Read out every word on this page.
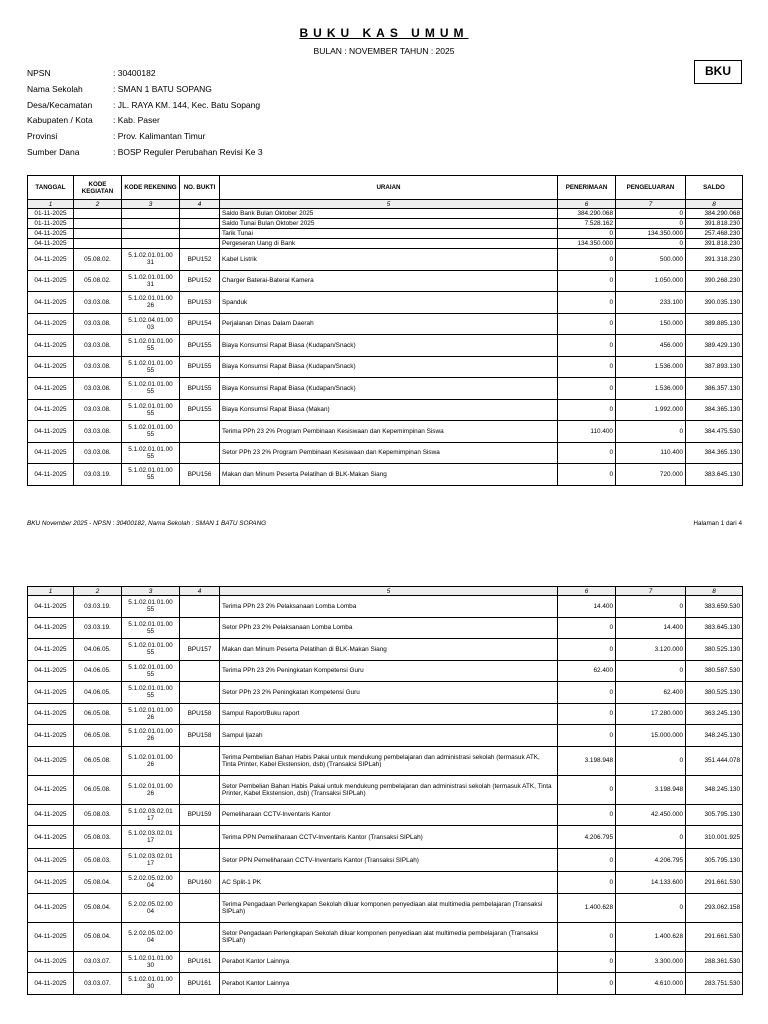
BUKU KAS UMUM
BULAN : NOVEMBER TAHUN : 2025
BKU
NPSN	: 30400182
Nama Sekolah	: SMAN 1 BATU SOPANG
Desa/Kecamatan	: JL. RAYA KM. 144, Kec. Batu Sopang
Kabupaten / Kota	: Kab. Paser
Provinsi	: Prov. Kalimantan Timur
Sumber Dana	: BOSP Reguler Perubahan Revisi Ke 3
TANGGAL	KODE KEGIATAN	KODE REKENING	NO. BUKTI	URAIAN	PENERIMAAN	PENGELUARAN	SALDO
1	2	3	4	5	6	7	8
01-11-2025				Saldo Bank Bulan Oktober 2025	384.290.068	0	384.290.068
01-11-2025				Saldo Tunai Bulan Oktober 2025	7.528.162	0	391.818.230
04-11-2025				Tarik Tunai	0	134.350.000	257.468.230
04-11-2025				Pergeseran Uang di Bank	134.350.000	0	391.818.230
04-11-2025	05.08.02.	5.1.02.01.01.00 31	BPU152	Kabel Listrik	0	500.000	391.318.230
04-11-2025	05.08.02.	5.1.02.01.01.00 31	BPU152	Charger Baterai-Baterai Kamera	0	1.050.000	390.268.230
04-11-2025	03.03.08.	5.1.02.01.01.00 26	BPU153	Spanduk	0	233.100	390.035.130
04-11-2025	03.03.08.	5.1.02.04.01.00 03	BPU154	Perjalanan Dinas Dalam Daerah	0	150.000	389.885.130
04-11-2025	03.03.08.	5.1.02.01.01.00 55	BPU155	Biaya Konsumsi Rapat Biasa (Kudapan/Snack)	0	456.000	389.429.130
04-11-2025	03.03.08.	5.1.02.01.01.00 55	BPU155	Biaya Konsumsi Rapat Biasa (Kudapan/Snack)	0	1.536.000	387.893.130
04-11-2025	03.03.08.	5.1.02.01.01.00 55	BPU155	Biaya Konsumsi Rapat Biasa (Kudapan/Snack)	0	1.536.000	386.357.130
04-11-2025	03.03.08.	5.1.02.01.01.00 55	BPU155	Biaya Konsumsi Rapat Biasa (Makan)	0	1.992.000	384.365.130
04-11-2025	03.03.08.	5.1.02.01.01.00 55		Terima PPh 23 2% Program Pembinaan Kesiswaan dan Kepemimpinan Siswa	110.400	0	384.475.530
04-11-2025	03.03.08.	5.1.02.01.01.00 55		Setor PPh 23 2% Program Pembinaan Kesiswaan dan Kepemimpinan Siswa	0	110.400	384.365.130
04-11-2025	03.03.19.	5.1.02.01.01.00 55	BPU156	Makan dan Minum Peserta Pelatihan di BLK-Makan Siang	0	720.000	383.645.130
BKU November 2025 - NPSN : 30400182, Nama Sekolah : SMAN 1 BATU SOPANG	Halaman 1 dari 4
1	2	3	4	5	6	7	8
04-11-2025	03.03.19.	5.1.02.01.01.00 55		Terima PPh 23 2% Pelaksanaan Lomba Lomba	14.400	0	383.659.530
04-11-2025	03.03.19.	5.1.02.01.01.00 55		Setor PPh 23 2% Pelaksanaan Lomba Lomba	0	14.400	383.645.130
04-11-2025	04.06.05.	5.1.02.01.01.00 55	BPU157	Makan dan Minum Peserta Pelatihan di BLK-Makan Siang	0	3.120.000	380.525.130
04-11-2025	04.06.05.	5.1.02.01.01.00 55		Terima PPh 23 2% Peningkatan Kompetensi Guru	62.400	0	380.587.530
04-11-2025	04.06.05.	5.1.02.01.01.00 55		Setor PPh 23 2% Peningkatan Kompetensi Guru	0	62.400	380.525.130
04-11-2025	06.05.08.	5.1.02.01.01.00 26	BPU158	Sampul Raport/Buku raport	0	17.280.000	363.245.130
04-11-2025	06.05.08.	5.1.02.01.01.00 26	BPU158	Sampul Ijazah	0	15.000.000	348.245.130
04-11-2025	06.05.08.	5.1.02.01.01.00 26		Terima Pembelian Bahan Habis Pakai untuk mendukung pembelajaran dan administrasi sekolah (termasuk ATK, Tinta Printer, Kabel Ekstension, dsb) (Transaksi SIPLah)	3.198.948	0	351.444.078
04-11-2025	06.05.08.	5.1.02.01.01.00 26		Setor Pembelian Bahan Habis Pakai untuk mendukung pembelajaran dan administrasi sekolah (termasuk ATK, Tinta Printer, Kabel Ekstension, dsb) (Transaksi SIPLah)	0	3.198.948	348.245.130
04-11-2025	05.08.03.	5.1.02.03.02.01 17	BPU159	Pemeliharaan CCTV-Inventaris Kantor	0	42.450.000	305.795.130
04-11-2025	05.08.03.	5.1.02.03.02.01 17		Terima PPN Pemeliharaan CCTV-Inventaris Kantor (Transaksi SIPLah)	4.206.795	0	310.001.925
04-11-2025	05.08.03.	5.1.02.03.02.01 17		Setor PPN Pemeliharaan CCTV-Inventaris Kantor (Transaksi SIPLah)	0	4.206.795	305.795.130
04-11-2025	05.08.04.	5.2.02.05.02.00 04	BPU160	AC Split-1 PK	0	14.133.600	291.661.530
04-11-2025	05.08.04.	5.2.02.05.02.00 04		Terima Pengadaan Perlengkapan Sekolah diluar komponen penyediaan alat multimedia pembelajaran (Transaksi SIPLah)	1.400.628	0	293.062.158
04-11-2025	05.08.04.	5.2.02.05.02.00 04		Setor Pengadaan Perlengkapan Sekolah diluar komponen penyediaan alat multimedia pembelajaran (Transaksi SIPLah)	0	1.400.628	291.661.530
04-11-2025	03.03.07.	5.1.02.01.01.00 30	BPU161	Perabot Kantor Lainnya	0	3.300.000	288.361.530
04-11-2025	03.03.07.	5.1.02.01.01.00 30	BPU161	Perabot Kantor Lainnya	0	4.610.000	283.751.530
